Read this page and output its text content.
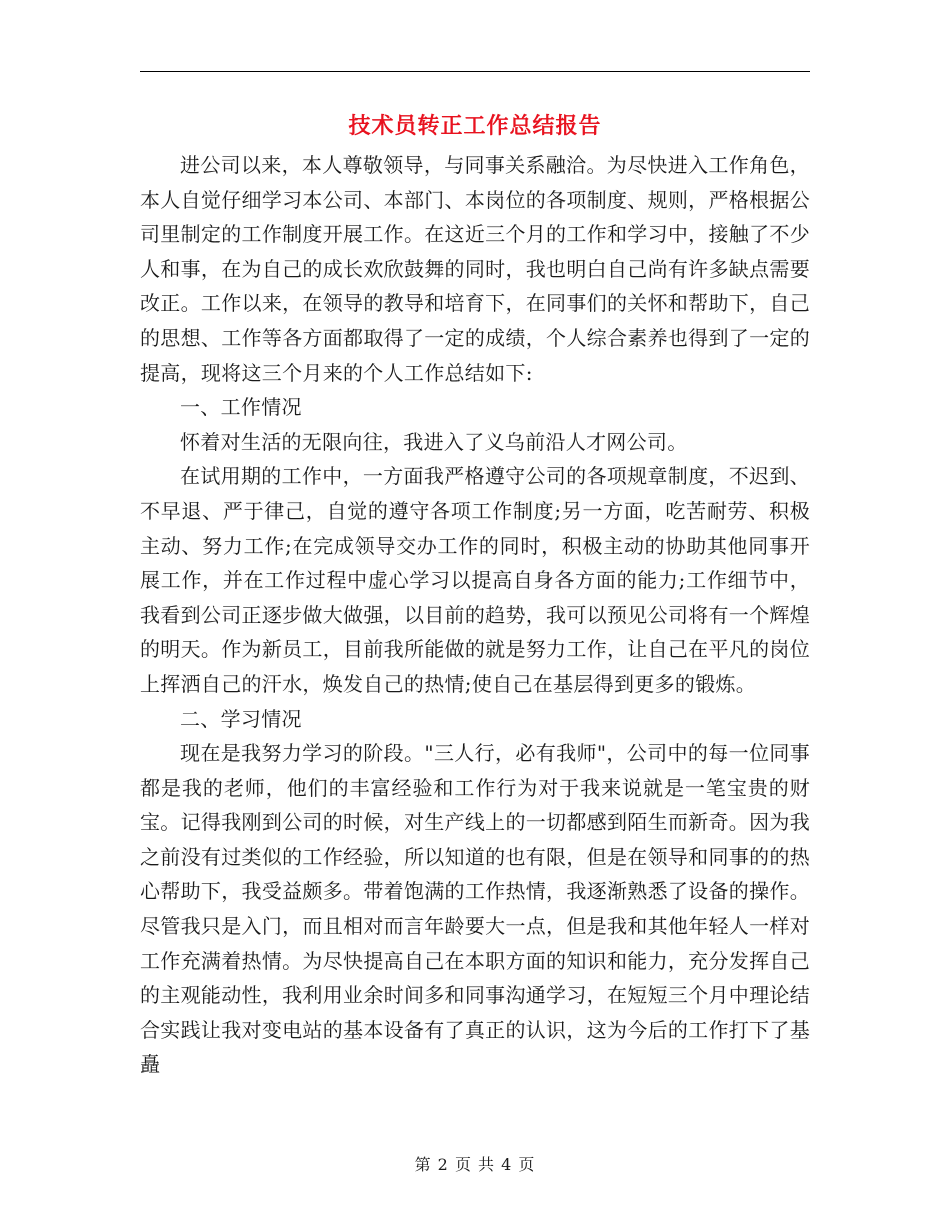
技术员转正工作总结报告

进公司以来，本人尊敬领导，与同事关系融洽。为尽快进入工作角色，本人自觉仔细学习本公司、本部门、本岗位的各项制度、规则，严格根据公司里制定的工作制度开展工作。在这近三个月的工作和学习中，接触了不少人和事，在为自己的成长欢欣鼓舞的同时，我也明白自己尚有许多缺点需要改正。工作以来，在领导的教导和培育下，在同事们的关怀和帮助下，自己的思想、工作等各方面都取得了一定的成绩，个人综合素养也得到了一定的提高，现将这三个月来的个人工作总结如下:

一、工作情况

怀着对生活的无限向往，我进入了义乌前沿人才网公司。

在试用期的工作中，一方面我严格遵守公司的各项规章制度，不迟到、不早退、严于律己，自觉的遵守各项工作制度;另一方面，吃苦耐劳、积极主动、努力工作;在完成领导交办工作的同时，积极主动的协助其他同事开展工作，并在工作过程中虚心学习以提高自身各方面的能力;工作细节中，我看到公司正逐步做大做强，以目前的趋势，我可以预见公司将有一个辉煌的明天。作为新员工，目前我所能做的就是努力工作，让自己在平凡的岗位上挥洒自己的汗水，焕发自己的热情;使自己在基层得到更多的锻炼。

二、学习情况

现在是我努力学习的阶段。"三人行，必有我师"，公司中的每一位同事都是我的老师，他们的丰富经验和工作行为对于我来说就是一笔宝贵的财宝。记得我刚到公司的时候，对生产线上的一切都感到陌生而新奇。因为我之前没有过类似的工作经验，所以知道的也有限，但是在领导和同事的的热心帮助下，我受益颇多。带着饱满的工作热情，我逐渐熟悉了设备的操作。尽管我只是入门，而且相对而言年龄要大一点，但是我和其他年轻人一样对工作充满着热情。为尽快提高自己在本职方面的知识和能力，充分发挥自己的主观能动性，我利用业余时间多和同事沟通学习，在短短三个月中理论结合实践让我对变电站的基本设备有了真正的认识，这为今后的工作打下了基矗

第 2 页 共 4 页
